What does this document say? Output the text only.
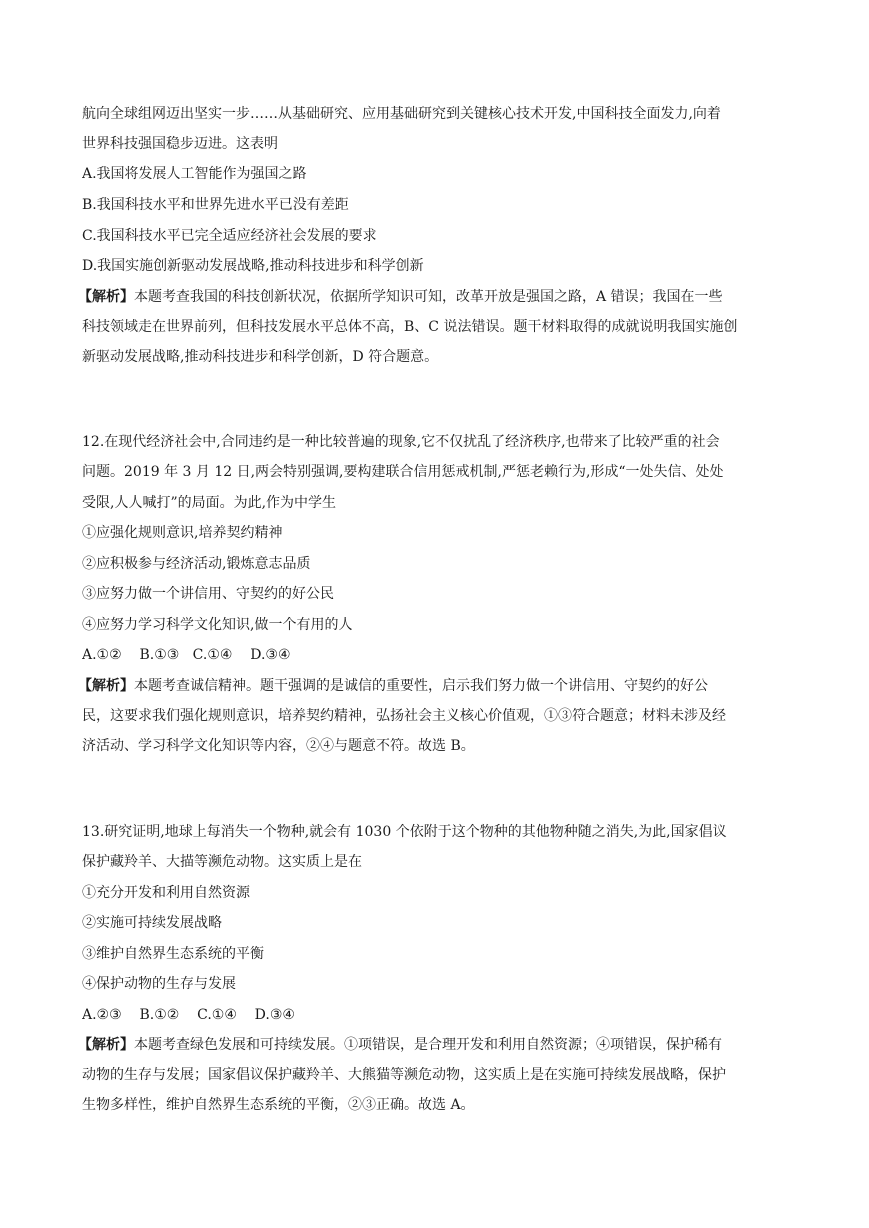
航向全球组网迈出坚实一步……从基础研究、应用基础研究到关键核心技术开发,中国科技全面发力,向着
世界科技强国稳步迈进。这表明
A.我国将发展人工智能作为强国之路
B.我国科技水平和世界先进水平已没有差距
C.我国科技水平已完全适应经济社会发展的要求
D.我国实施创新驱动发展战略,推动科技进步和科学创新
【解析】本题考查我国的科技创新状况，依据所学知识可知，改革开放是强国之路，A 错误；我国在一些
科技领域走在世界前列，但科技发展水平总体不高，B、C 说法错误。题干材料取得的成就说明我国实施创
新驱动发展战略,推动科技进步和科学创新，D 符合题意。
12.在现代经济社会中,合同违约是一种比较普遍的现象,它不仅扰乱了经济秩序,也带来了比较严重的社会
问题。2019 年 3 月 12 日,两会特别强调,要构建联合信用惩戒机制,严惩老赖行为,形成“一处失信、处处
受限,人人喊打”的局面。为此,作为中学生
①应强化规则意识,培养契约精神
②应积极参与经济活动,锻炼意志品质
③应努力做一个讲信用、守契约的好公民
④应努力学习科学文化知识,做一个有用的人
A.①②    B.①③   C.①④    D.③④
【解析】本题考查诚信精神。题干强调的是诚信的重要性，启示我们努力做一个讲信用、守契约的好公
民，这要求我们强化规则意识，培养契约精神，弘扬社会主义核心价值观，①③符合题意；材料未涉及经
济活动、学习科学文化知识等内容，②④与题意不符。故选 B。
13.研究证明,地球上每消失一个物种,就会有 1030 个依附于这个物种的其他物种随之消失,为此,国家倡议
保护藏羚羊、大描等濒危动物。这实质上是在
①充分开发和利用自然资源
②实施可持续发展战略
③维护自然界生态系统的平衡
④保护动物的生存与发展
A.②③    B.①②    C.①④    D.③④
【解析】本题考查绿色发展和可持续发展。①项错误，是合理开发和利用自然资源；④项错误，保护稀有
动物的生存与发展；国家倡议保护藏羚羊、大熊猫等濒危动物，这实质上是在实施可持续发展战略，保护
生物多样性，维护自然界生态系统的平衡，②③正确。故选 A。
